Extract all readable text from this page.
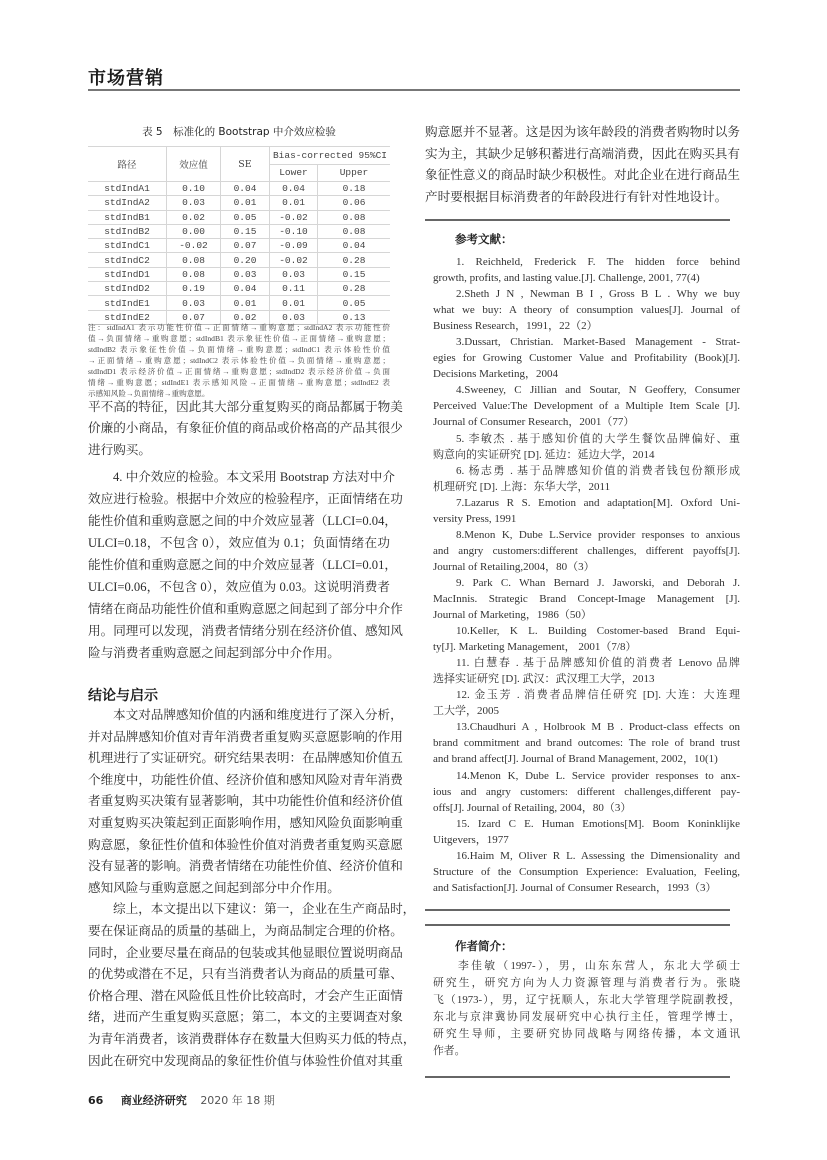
市场营销
表 5　标准化的 Bootstrap 中介效应检验
路径	效应值	SE	Bias-corrected 95%CI	
			Lower	Upper
stdIndA1	0.10	0.04	0.04	0.18
stdIndA2	0.03	0.01	0.01	0.06
stdIndB1	0.02	0.05	-0.02	0.08
stdIndB2	0.00	0.15	-0.10	0.08
stdIndC1	-0.02	0.07	-0.09	0.04
stdIndC2	0.08	0.20	-0.02	0.28
stdIndD1	0.08	0.03	0.03	0.15
stdIndD2	0.19	0.04	0.11	0.28
stdIndE1	0.03	0.01	0.01	0.05
stdIndE2	0.07	0.02	0.03	0.13
注：stdIndA1 表示功能性价值→正面情绪→重购意愿；stdIndA2 表示功能性价
值→负面情绪→重购意愿；stdIndB1 表示象征性价值→正面情绪→重购意愿；
stdIndB2 表示象征性价值→负面情绪→重购意愿；stdIndC1 表示体验性价值
→正面情绪→重购意愿；stdIndC2 表示体验性价值→负面情绪→重购意愿；
stdIndD1 表示经济价值→正面情绪→重购意愿；stdIndD2 表示经济价值→负面
情绪→重购意愿；stdIndE1 表示感知风险→正面情绪→重购意愿；stdIndE2 表
示感知风险→负面情绪→重购意愿。
平不高的特征，因此其大部分重复购买的商品都属于物美
价廉的小商品，有象征价值的商品或价格高的产品其很少
进行购买。
4. 中介效应的检验。本文采用 Bootstrap 方法对中介
效应进行检验。根据中介效应的检验程序，正面情绪在功
能性价值和重购意愿之间的中介效应显著（LLCI=0.04，
ULCI=0.18，不包含 0），效应值为 0.1；负面情绪在功
能性价值和重购意愿之间的中介效应显著（LLCI=0.01，
ULCI=0.06，不包含 0），效应值为 0.03。这说明消费者
情绪在商品功能性价值和重购意愿之间起到了部分中介作
用。同理可以发现，消费者情绪分别在经济价值、感知风
险与消费者重购意愿之间起到部分中介作用。
结论与启示
本文对品牌感知价值的内涵和维度进行了深入分析，
并对品牌感知价值对青年消费者重复购买意愿影响的作用
机理进行了实证研究。研究结果表明：在品牌感知价值五
个维度中，功能性价值、经济价值和感知风险对青年消费
者重复购买决策有显著影响，其中功能性价值和经济价值
对重复购买决策起到正面影响作用，感知风险负面影响重
购意愿，象征性价值和体验性价值对消费者重复购买意愿
没有显著的影响。消费者情绪在功能性价值、经济价值和
感知风险与重购意愿之间起到部分中介作用。
综上，本文提出以下建议：第一，企业在生产商品时，
要在保证商品的质量的基础上，为商品制定合理的价格。
同时，企业要尽量在商品的包装或其他显眼位置说明商品
的优势或潜在不足，只有当消费者认为商品的质量可靠、
价格合理、潜在风险低且性价比较高时，才会产生正面情
绪，进而产生重复购买意愿；第二，本文的主要调查对象
为青年消费者，该消费群体存在数量大但购买力低的特点，
因此在研究中发现商品的象征性价值与体验性价值对其重
购意愿并不显著。这是因为该年龄段的消费者购物时以务
实为主，其缺少足够积蓄进行高端消费，因此在购买具有
象征性意义的商品时缺少积极性。对此企业在进行商品生
产时要根据目标消费者的年龄段进行有针对性地设计。
参考文献：
1. Reichheld, Frederick F. The hidden force behind
growth, profits, and lasting value.[J]. Challenge, 2001, 77(4)
2.Sheth J N , Newman B I , Gross B L . Why we buy
what we buy: A theory of consumption values[J]. Journal of
Business Research，1991，22（2）
3.Dussart, Christian. Market-Based Management - Strat-
egies for Growing Customer Value and Profitability (Book)[J].
Decisions Marketing，2004
4.Sweeney, C Jillian and Soutar, N Geoffery, Consumer
Perceived Value:The Development of a Multiple Item Scale [J].
Journal of Consumer Research，2001（77）
5. 李敏杰 . 基于感知价值的大学生餐饮品牌偏好、重
购意向的实证研究 [D]. 延边：延边大学，2014
6. 杨志勇 . 基于品牌感知价值的消费者钱包份额形成
机理研究 [D]. 上海：东华大学，2011
7.Lazarus R S. Emotion and adaptation[M]. Oxford Uni-
versity Press, 1991
8.Menon K, Dube L.Service provider responses to anxious
and angry customers:different challenges, different payoffs[J].
Journal of Retailing,2004，80（3）
9. Park C. Whan Bernard J. Jaworski, and Deborah J.
MacInnis. Strategic Brand Concept-Image Management [J].
Journal of Marketing，1986（50）
10.Keller, K L. Building Costomer-based Brand Equi-
ty[J]. Marketing Management， 2001（7/8）
11. 白慧春 . 基于品牌感知价值的消费者 Lenovo 品牌
选择实证研究 [D]. 武汉：武汉理工大学，2013
12. 金玉芳 . 消费者品牌信任研究 [D]. 大连：大连理
工大学，2005
13.Chaudhuri A , Holbrook M B . Product-class effects on
brand commitment and brand outcomes: The role of brand trust
and brand affect[J]. Journal of Brand Management, 2002，10(1)
14.Menon K, Dube L. Service provider responses to anx-
ious and angry customers: different challenges,different pay-
offs[J]. Journal of Retailing, 2004，80（3）
15. Izard C E. Human Emotions[M]. Boom Koninklijke
Uitgevers，1977
16.Haim M, Oliver R L. Assessing the Dimensionality and
Structure of the Consumption Experience: Evaluation, Feeling,
and Satisfaction[J]. Journal of Consumer Research，1993（3）
作者简介：
李佳敏（1997-），男，山东东营人，东北大学硕士
研究生，研究方向为人力资源管理与消费者行为。张晓
飞（1973-），男，辽宁抚顺人，东北大学管理学院副教授，
东北与京津冀协同发展研究中心执行主任，管理学博士，
研究生导师，主要研究协同战略与网络传播，本文通讯
作者。
66 商业经济研究 2020 年 18 期
